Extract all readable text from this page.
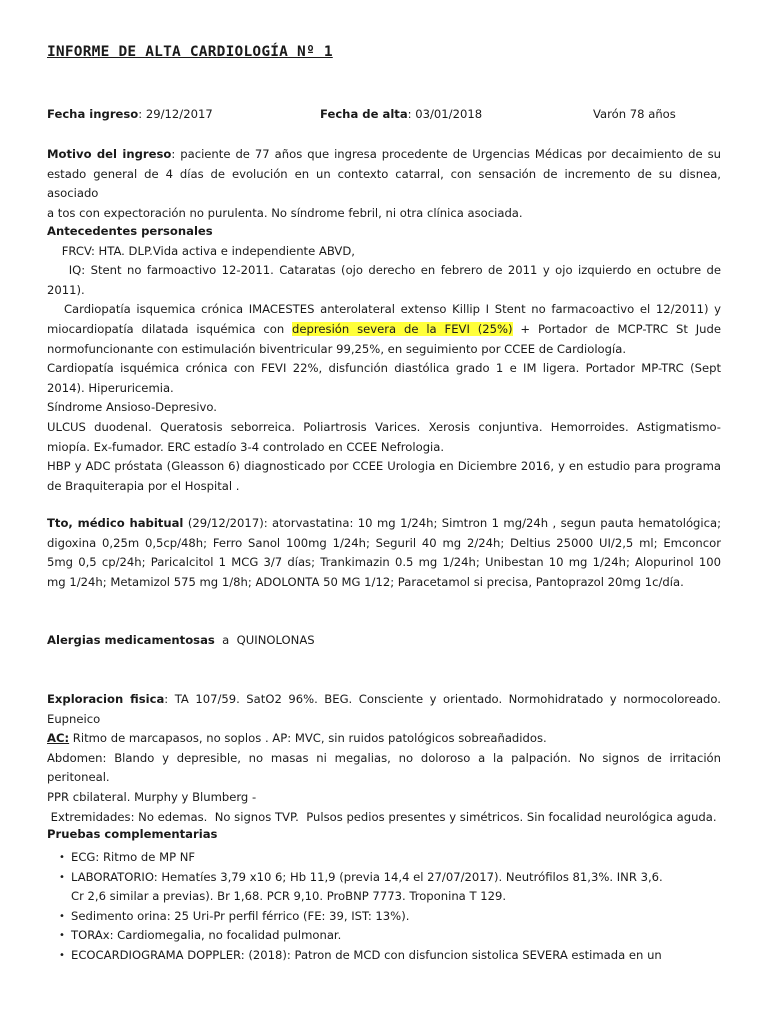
INFORME DE ALTA CARDIOLOGÍA Nº 1
Fecha ingreso: 29/12/2017	Fecha de alta: 03/01/2018	Varón 78 años
Motivo del ingreso: paciente de 77 años que ingresa procedente de Urgencias Médicas por decaimiento de su
estado general de 4 días de evolución en un contexto catarral, con sensación de incremento de su disnea, asociado
a tos con expectoración no purulenta. No síndrome febril, ni otra clínica asociada.
Antecedentes personales
FRCV: HTA. DLP.Vida activa e independiente ABVD,
IQ: Stent no farmoactivo 12-2011. Cataratas (ojo derecho en febrero de 2011 y ojo izquierdo en octubre de
2011).
Cardiopatía isquemica crónica IMACESTES anterolateral extenso Killip I Stent no farmacoactivo el 12/2011) y
miocardiopatía dilatada isquémica con depresión severa de la FEVI (25%) + Portador de MCP-TRC St Jude
normofuncionante con estimulación biventricular 99,25%, en seguimiento por CCEE de Cardiología.
Cardiopatía isquémica crónica con FEVI 22%, disfunción diastólica grado 1 e IM ligera. Portador MP-TRC (Sept
2014). Hiperuricemia.
Síndrome Ansioso-Depresivo.
ULCUS duodenal. Queratosis seborreica. Poliartrosis Varices. Xerosis conjuntiva. Hemorroides. Astigmatismo-
miopía. Ex-fumador. ERC estadío 3-4 controlado en CCEE Nefrologia.
HBP y ADC próstata (Gleasson 6) diagnosticado por CCEE Urologia en Diciembre 2016, y en estudio para programa
de Braquiterapia por el Hospital .
Tto, médico habitual (29/12/2017): atorvastatina: 10 mg 1/24h; Simtron 1 mg/24h , segun pauta hematológica;
digoxina 0,25m 0,5cp/48h; Ferro Sanol 100mg 1/24h; Seguril 40 mg 2/24h; Deltius 25000 UI/2,5 ml; Emconcor
5mg 0,5 cp/24h; Paricalcitol 1 MCG 3/7 días; Trankimazin 0.5 mg 1/24h; Unibestan 10 mg 1/24h; Alopurinol 100
mg 1/24h; Metamizol 575 mg 1/8h; ADOLONTA 50 MG 1/12; Paracetamol si precisa, Pantoprazol 20mg 1c/día.
Alergias medicamentosas  a  QUINOLONAS
Exploracion fisica: TA 107/59. SatO2 96%. BEG. Consciente y orientado. Normohidratado y normocoloreado.
Eupneico
AC: Ritmo de marcapasos, no soplos . AP: MVC, sin ruidos patológicos sobreañadidos.
Abdomen: Blando y depresible, no masas ni megalias, no doloroso a la palpación. No signos de irritación peritoneal.
PPR cbilateral. Murphy y Blumberg -
Extremidades: No edemas.  No signos TVP.  Pulsos pedios presentes y simétricos. Sin focalidad neurológica aguda.
Pruebas complementarias
• ECG: Ritmo de MP NF
• LABORATORIO: Hematíes 3,79 x10 6; Hb 11,9 (previa 14,4 el 27/07/2017). Neutrófilos 81,3%. INR 3,6.
Cr 2,6 similar a previas). Br 1,68. PCR 9,10. ProBNP 7773. Troponina T 129.
• Sedimento orina: 25 Uri-Pr perfil férrico (FE: 39, IST: 13%).
• TORAx: Cardiomegalia, no focalidad pulmonar.
• ECOCARDIOGRAMA DOPPLER: (2018): Patron de MCD con disfuncion sistolica SEVERA estimada en un
